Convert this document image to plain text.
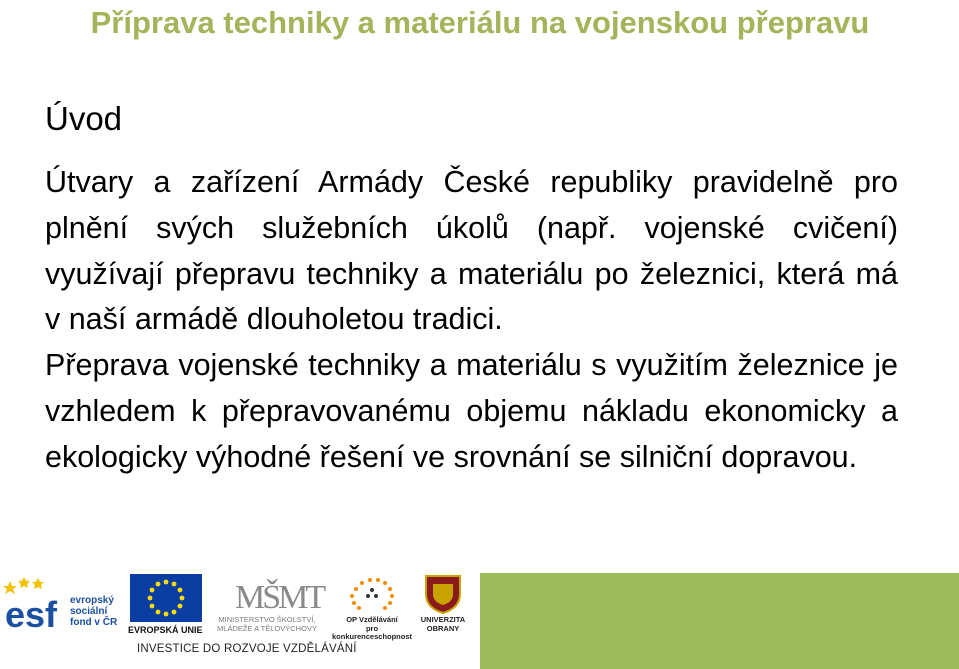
Příprava techniky a materiálu na vojenskou přepravu
Úvod

Útvary a zařízení Armády České republiky pravidelně pro plnění svých služebních úkolů (např. vojenské cvičení) využívají přepravu techniky a materiálu po železnici, která má v naší armádě dlouholetou tradici.

Přeprava vojenské techniky a materiálu s využitím železnice je vzhledem k přepravovanému objemu nákladu ekonomicky a ekologicky výhodné řešení ve srovnání se silniční dopravou.

esf evropský
sociální
fond v ČR
EVROPSKÁ UNIE
MŠMT
MINISTERSTVO ŠKOLSTVÍ,
MLÁDEŽE A TĚLOVÝCHOVY
OP Vzdělávání
pro konkurenceschopnost
UNIVERZITA
OBRANY
INVESTICE DO ROZVOJE VZDĚLÁVÁNÍ
